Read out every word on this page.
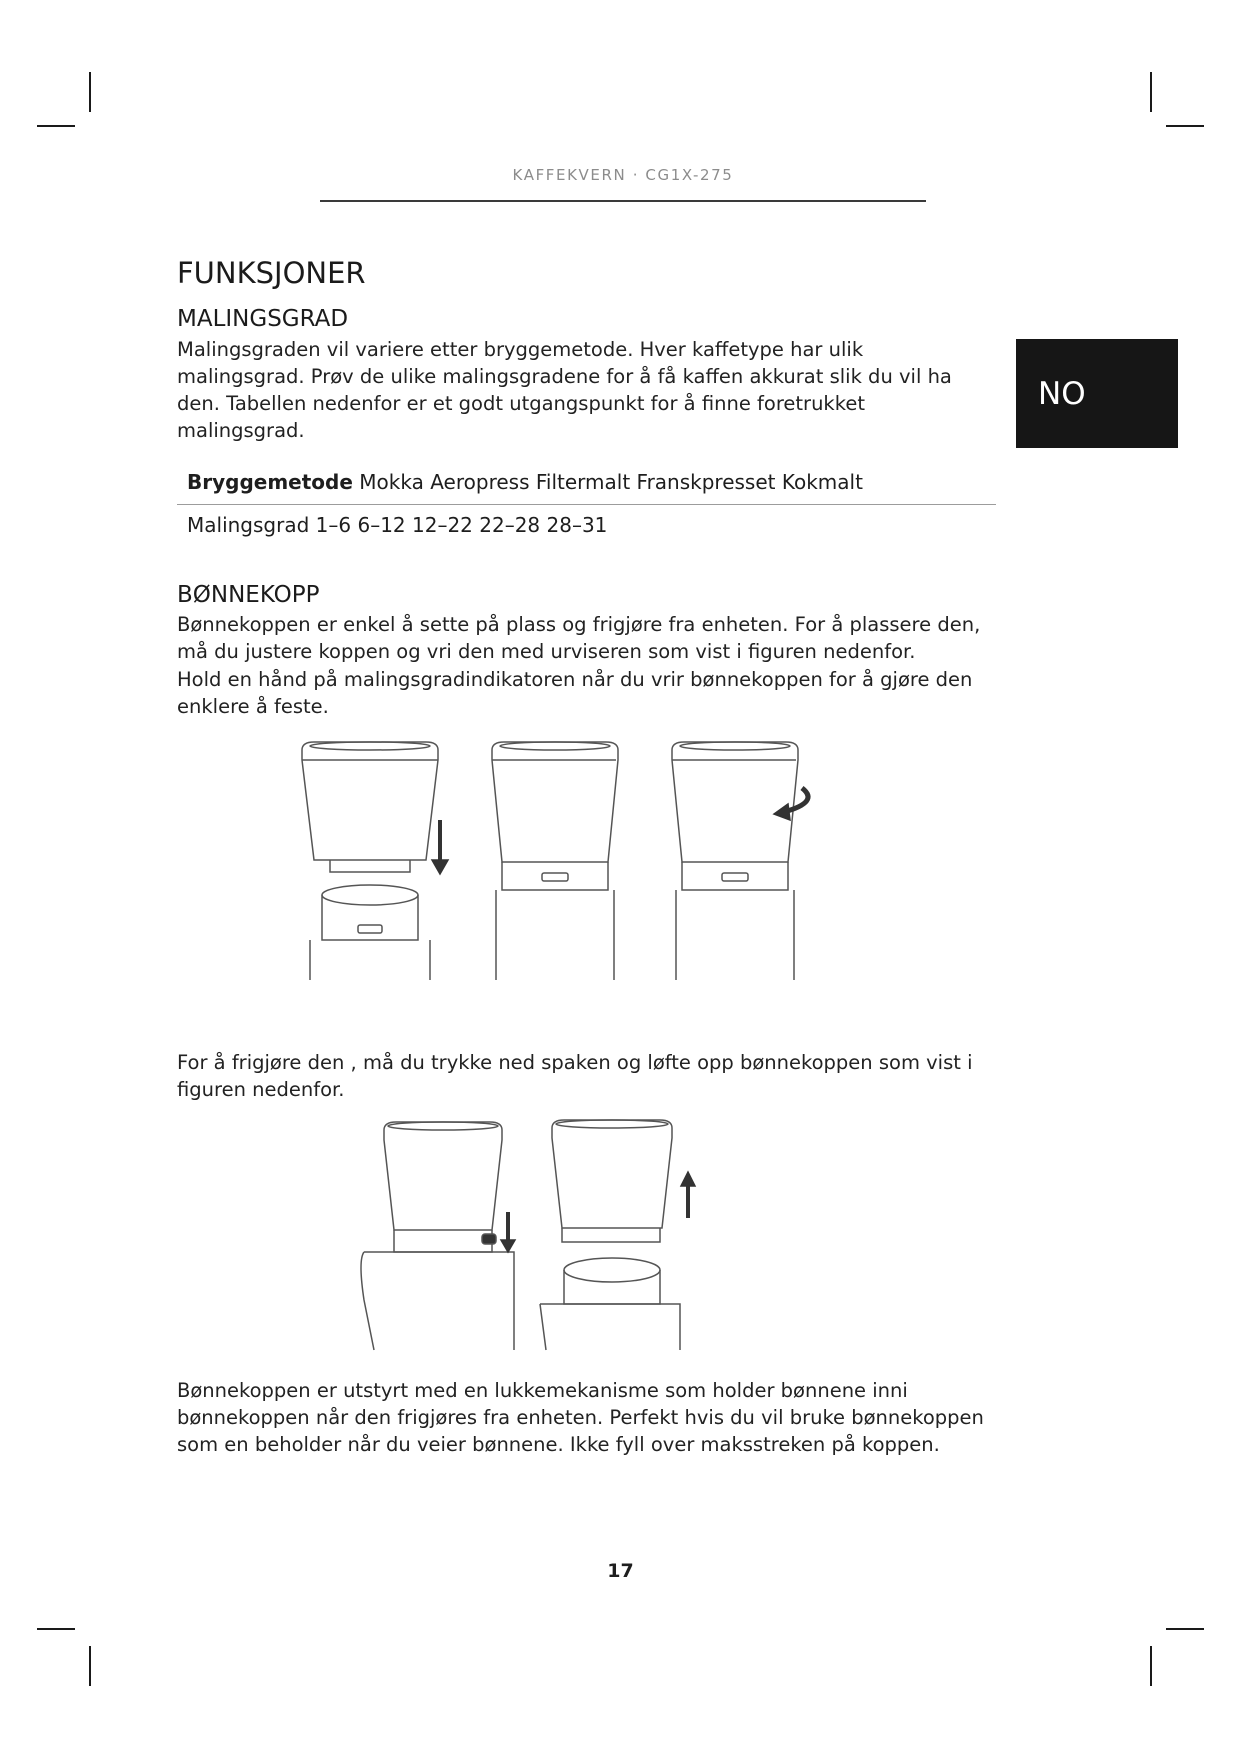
KAFFEKVERN · CG1X-275
NO
FUNKSJONER
MALINGSGRAD

Malingsgraden vil variere etter bryggemetode. Hver kaffetype har ulik malingsgrad. Prøv de ulike malingsgradene for å få kaffen akkurat slik du vil ha den. Tabellen nedenfor er et godt utgangspunkt for å finne foretrukket malingsgrad.

Bryggemetode Mokka Aeropress Filtermalt Franskpresset Kokmalt
Malingsgrad 1–6 6–12 12–22 22–28 28–31
BØNNEKOPP

Bønnekoppen er enkel å sette på plass og frigjøre fra enheten. For å plassere den, må du justere koppen og vri den med urviseren som vist i figuren nedenfor.

Hold en hånd på malingsgradindikatoren når du vrir bønnekoppen for å gjøre den enklere å feste.

For å frigjøre den , må du trykke ned spaken og løfte opp bønnekoppen som vist i figuren nedenfor.

Bønnekoppen er utstyrt med en lukkemekanisme som holder bønnene inni bønnekoppen når den frigjøres fra enheten. Perfekt hvis du vil bruke bønnekoppen som en beholder når du veier bønnene. Ikke fyll over maksstreken på koppen.

17
